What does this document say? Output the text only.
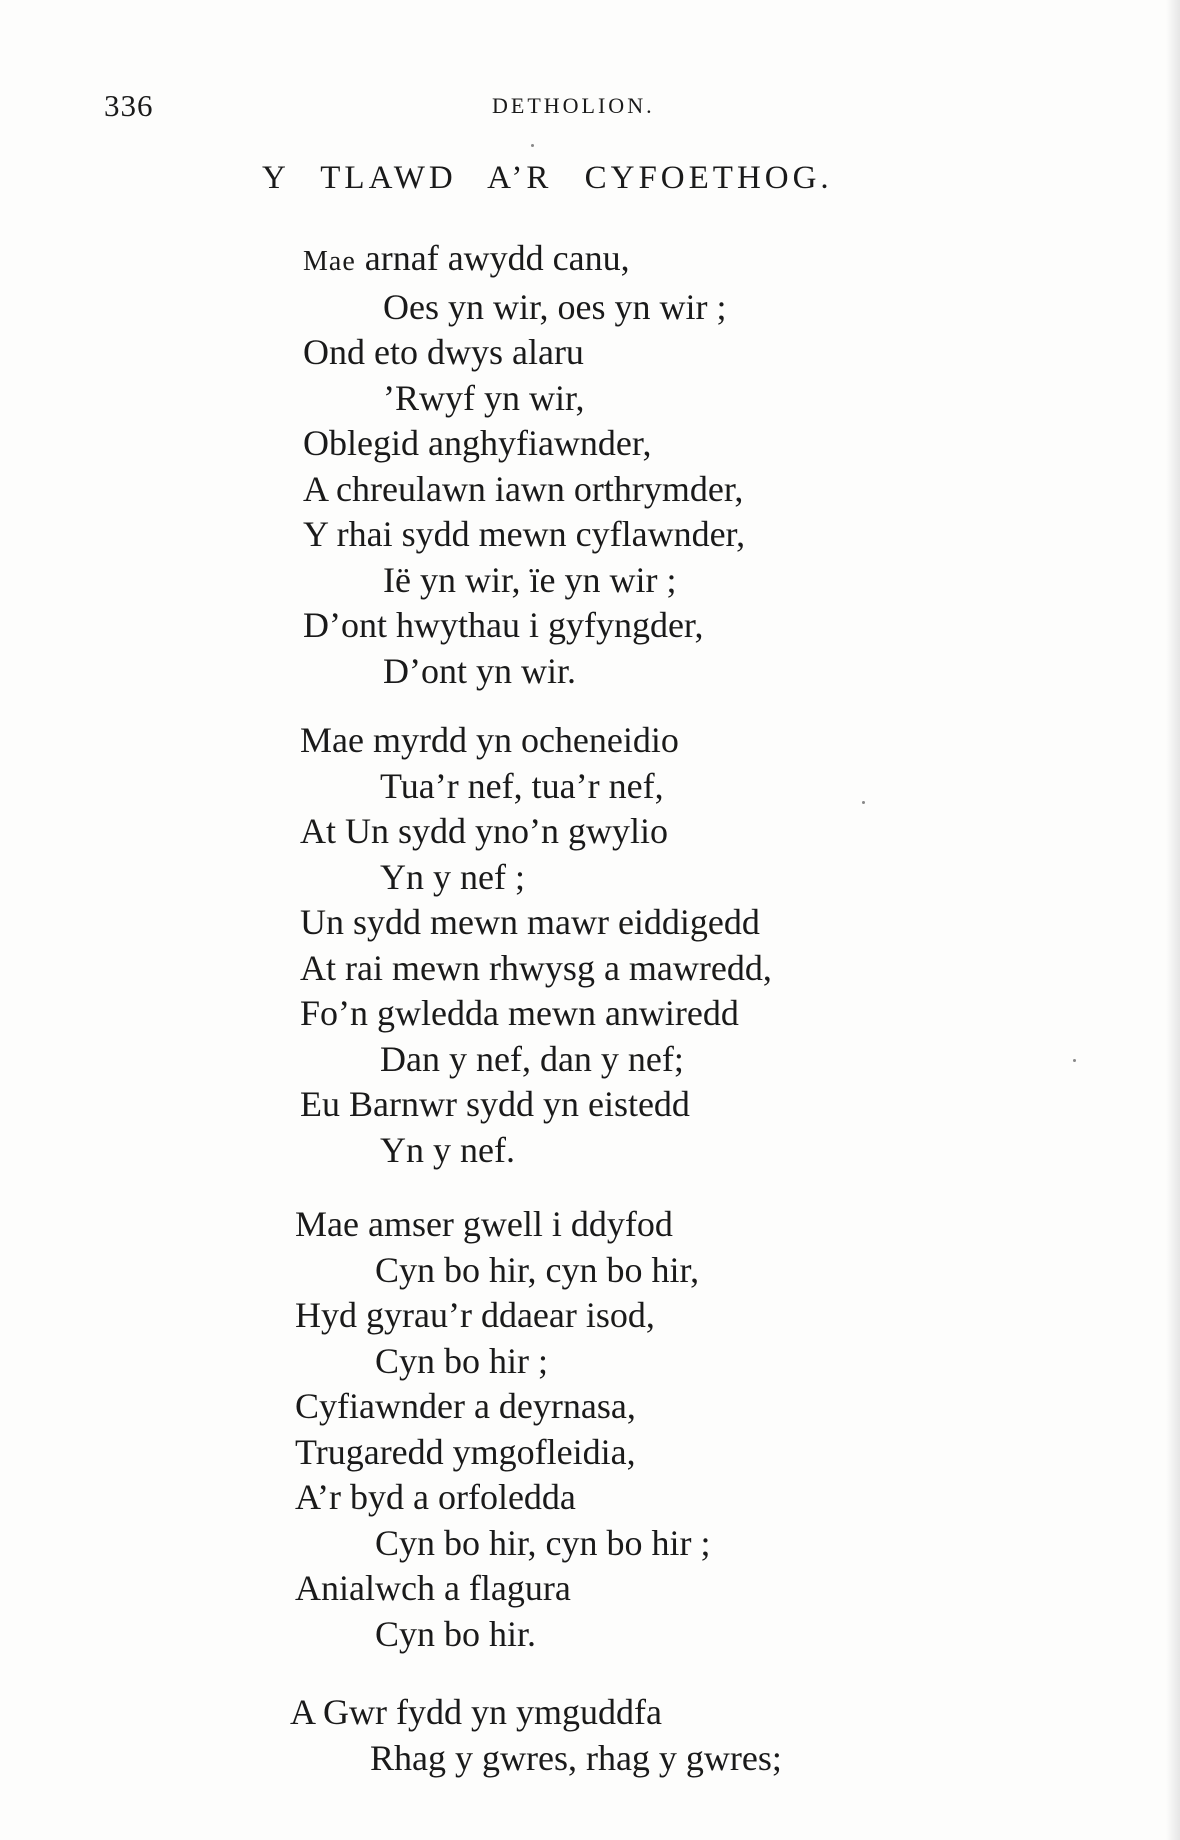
336	DETHOLION.
Y TLAWD A’R CYFOETHOG.
Mae arnaf awydd canu,
Oes yn wir, oes yn wir ;
Ond eto dwys alaru
’Rwyf yn wir,
Oblegid anghyfiawnder,
A chreulawn iawn orthrymder,
Y rhai sydd mewn cyflawnder,
Ië yn wir, ïe yn wir ;
D’ont hwythau i gyfyngder,
D’ont yn wir.
Mae myrdd yn ocheneidio
Tua’r nef, tua’r nef,
At Un sydd yno’n gwylio
Yn y nef ;
Un sydd mewn mawr eiddigedd
At rai mewn rhwysg a mawredd,
Fo’n gwledda mewn anwiredd
Dan y nef, dan y nef;
Eu Barnwr sydd yn eistedd
Yn y nef.
Mae amser gwell i ddyfod
Cyn bo hir, cyn bo hir,
Hyd gyrau’r ddaear isod,
Cyn bo hir ;
Cyfiawnder a deyrnasa,
Trugaredd ymgofleidia,
A’r byd a orfoledda
Cyn bo hir, cyn bo hir ;
Anialwch a flagura
Cyn bo hir.
A Gwr fydd yn ymguddfa
Rhag y gwres, rhag y gwres;
